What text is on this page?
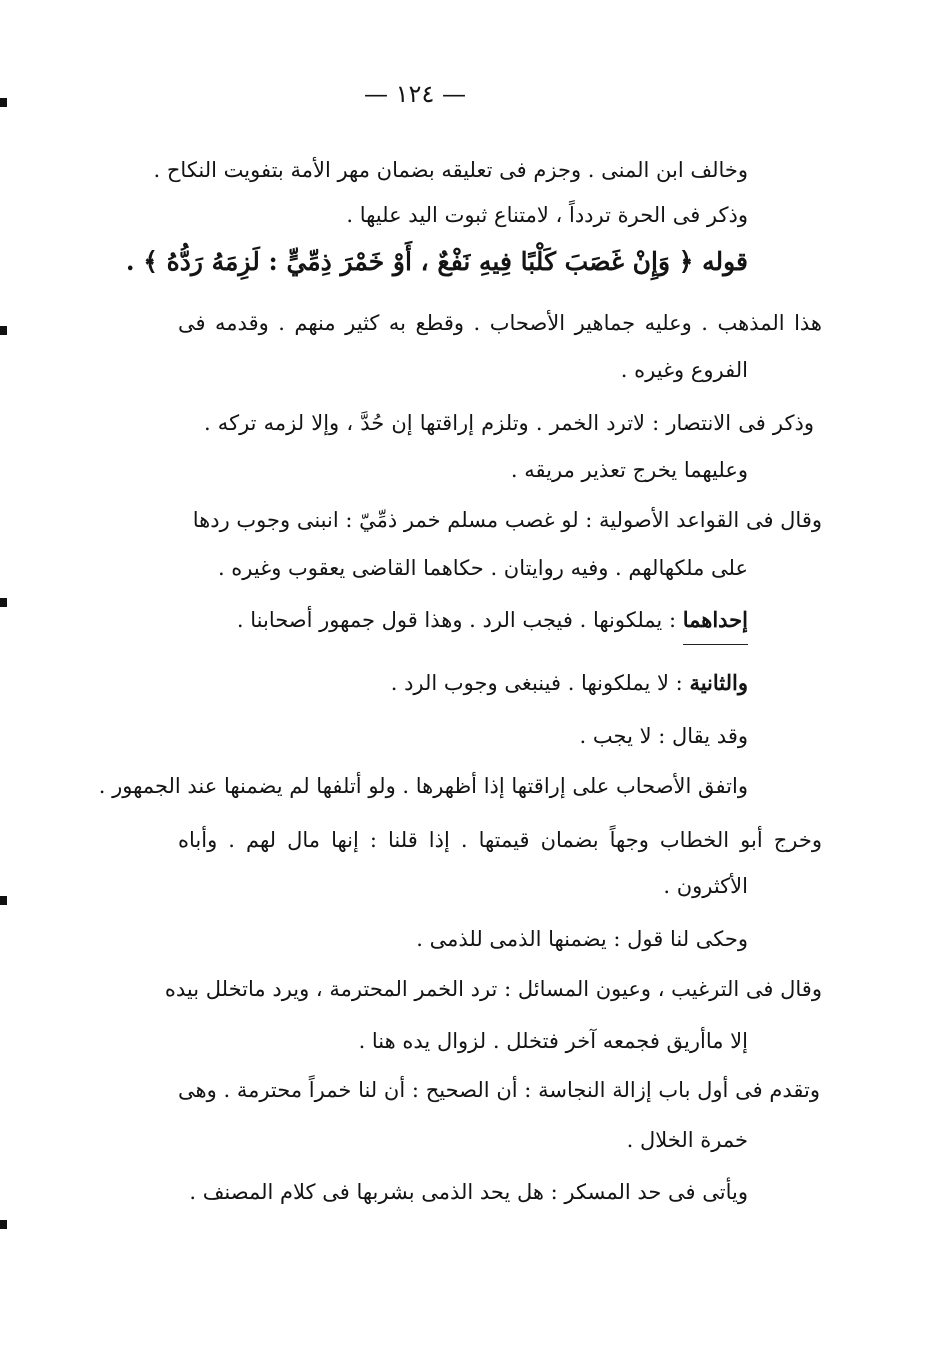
— ١٢٤ —
وخالف ابن المنى . وجزم فى تعليقه بضمان مهر الأمة بتفويت النكاح .
وذكر فى الحرة تردداً ، لامتناع ثبوت اليد عليها .
قوله ﴿ وَإِنْ غَصَبَ كَلْبًا فِيهِ نَفْعٌ ، أَوْ خَمْرَ ذِمِّيٍّ : لَزِمَهُ رَدُّهُ ﴾ .
هذا المذهب . وعليه جماهير الأصحاب . وقطع به كثير منهم . وقدمه فى
الفروع وغيره .
وذكر فى الانتصار : لاترد الخمر . وتلزم إراقتها إن حُدَّ ، وإلا لزمه تركه .
وعليهما يخرج تعذير مريقه .
وقال فى القواعد الأصولية : لو غصب مسلم خمر ذمِّيّ : انبنى وجوب ردها
على ملكهالهم . وفيه روايتان . حكاهما القاضى يعقوب وغيره .
إحداهما : يملكونها . فيجب الرد . وهذا قول جمهور أصحابنا .
والثانية : لا يملكونها . فينبغى وجوب الرد .
وقد يقال : لا يجب .
واتفق الأصحاب على إراقتها إذا أظهرها . ولو أتلفها لم يضمنها عند الجمهور .
وخرج أبو الخطاب وجهاً بضمان قيمتها . إذا قلنا : إنها مال لهم . وأباه
الأكثرون .
وحكى لنا قول : يضمنها الذمى للذمى .
وقال فى الترغيب ، وعيون المسائل : ترد الخمر المحترمة ، ويرد ماتخلل بيده
إلا ماأريق فجمعه آخر فتخلل . لزوال يده هنا .
وتقدم فى أول باب إزالة النجاسة : أن الصحيح : أن لنا خمراً محترمة . وهى
خمرة الخلال .
ويأتى فى حد المسكر : هل يحد الذمى بشربها فى كلام المصنف .
